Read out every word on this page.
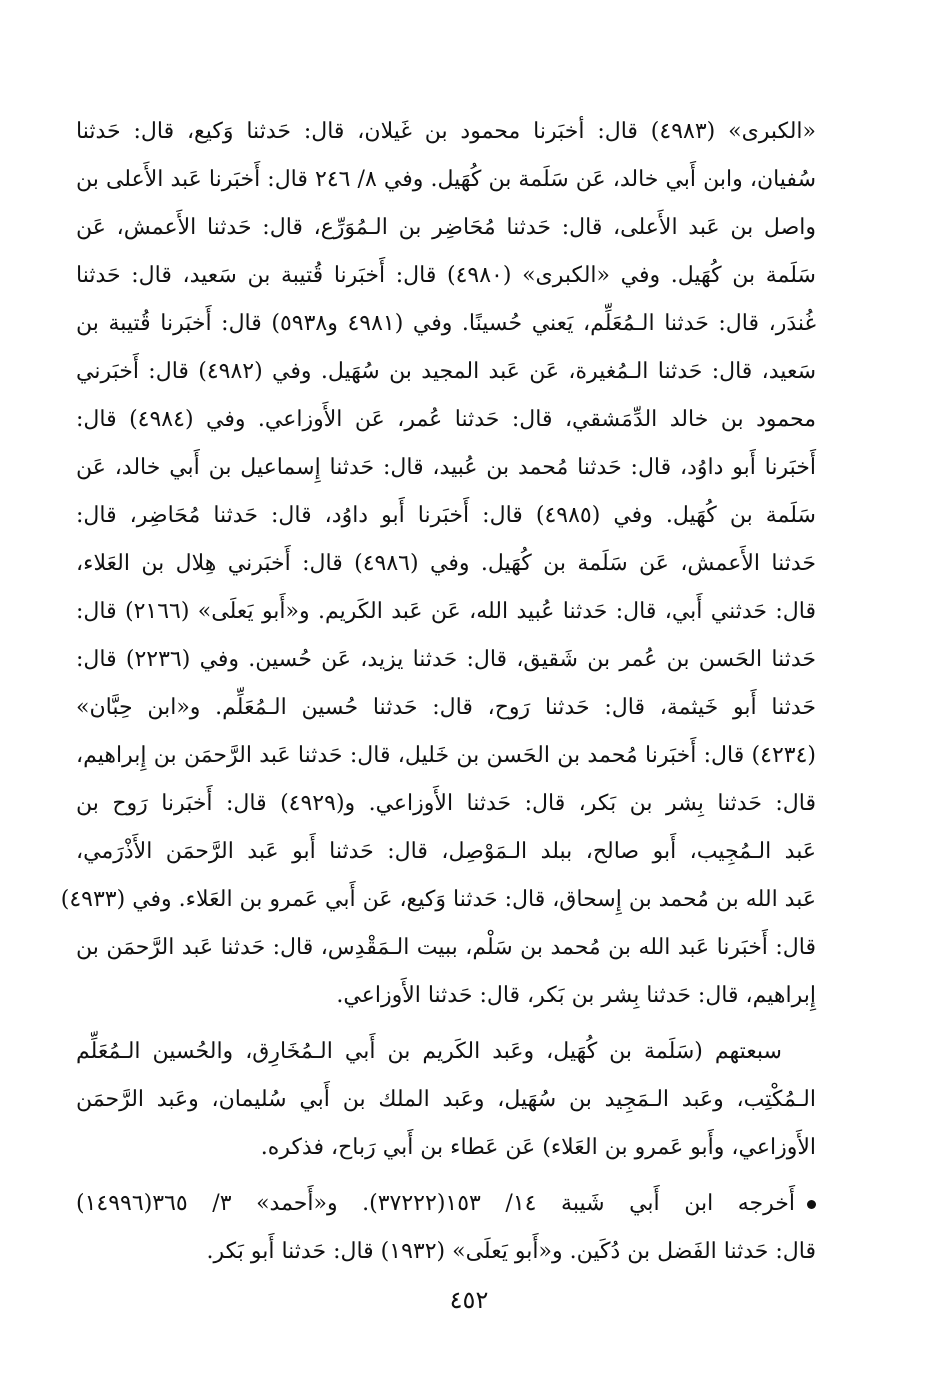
«الكبرى» (٤٩٨٣) قال: أخبَرنا محمود بن غَيلان، قال: حَدثنا وَكيع، قال: حَدثنا
سُفيان، وابن أَبي خالد، عَن سَلَمة بن كُهَيل. وفي ٨/ ٢٤٦ قال: أَخبَرنا عَبد الأَعلى بن
واصل بن عَبد الأَعلى، قال: حَدثنا مُحَاضِر بن الـمُوَرِّع، قال: حَدثنا الأَعمش، عَن
سَلَمة بن كُهَيل. وفي «الكبرى» (٤٩٨٠) قال: أَخبَرنا قُتيبة بن سَعيد، قال: حَدثنا
غُندَر، قال: حَدثنا الـمُعَلِّم، يَعني حُسينًا. وفي (٤٩٨١ و٥٩٣٨) قال: أَخبَرنا قُتيبة بن
سَعيد، قال: حَدثنا الـمُغيرة، عَن عَبد المجيد بن سُهَيل. وفي (٤٩٨٢) قال: أَخبَرني
محمود بن خالد الدِّمَشقي، قال: حَدثنا عُمر، عَن الأَوزاعي. وفي (٤٩٨٤) قال:
أَخبَرنا أَبو داوُد، قال: حَدثنا مُحمد بن عُبيد، قال: حَدثنا إِسماعيل بن أَبي خالد، عَن
سَلَمة بن كُهَيل. وفي (٤٩٨٥) قال: أَخبَرنا أَبو داوُد، قال: حَدثنا مُحَاضِر، قال:
حَدثنا الأَعمش، عَن سَلَمة بن كُهَيل. وفي (٤٩٨٦) قال: أَخبَرني هِلال بن العَلاء،
قال: حَدثني أَبي، قال: حَدثنا عُبيد الله، عَن عَبد الكَريم. و«أَبو يَعلَى» (٢١٦٦) قال:
حَدثنا الحَسن بن عُمر بن شَقيق، قال: حَدثنا يزيد، عَن حُسين. وفي (٢٢٣٦) قال:
حَدثنا أَبو خَيثمة، قال: حَدثنا رَوح، قال: حَدثنا حُسين الـمُعَلِّم. و«ابن حِبَّان»
(٤٢٣٤) قال: أَخبَرنا مُحمد بن الحَسن بن خَليل، قال: حَدثنا عَبد الرَّحمَن بن إِبراهيم،
قال: حَدثنا بِشر بن بَكر، قال: حَدثنا الأَوزاعي. و(٤٩٢٩) قال: أَخبَرنا رَوح بن
عَبد الـمُجِيب، أَبو صالح، ببلد الـمَوْصِل، قال: حَدثنا أَبو عَبد الرَّحمَن الأَذْرَمي،
عَبد الله بن مُحمد بن إِسحاق، قال: حَدثنا وَكيع، عَن أَبي عَمرو بن العَلاء. وفي (٤٩٣٣)
قال: أَخبَرنا عَبد الله بن مُحمد بن سَلْم، ببيت الـمَقْدِس، قال: حَدثنا عَبد الرَّحمَن بن
إِبراهيم، قال: حَدثنا بِشر بن بَكر، قال: حَدثنا الأَوزاعي.
سبعتهم (سَلَمة بن كُهَيل، وعَبد الكَريم بن أَبي الـمُخَارِق، والحُسين الـمُعَلِّم
الـمُكْتِب، وعَبد الـمَجِيد بن سُهَيل، وعَبد الملك بن أَبي سُليمان، وعَبد الرَّحمَن
الأَوزاعي، وأَبو عَمرو بن العَلاء) عَن عَطاء بن أَبي رَباح، فذكره.
أَخرجه ابن أَبي شَيبة ١٤/ ١٥٣(٣٧٢٢٢). و«أَحمد» ٣/ ٣٦٥(١٤٩٩٦)
قال: حَدثنا الفَضل بن دُكَين. و«أَبو يَعلَى» (١٩٣٢) قال: حَدثنا أَبو بَكر.
٤٥٢
